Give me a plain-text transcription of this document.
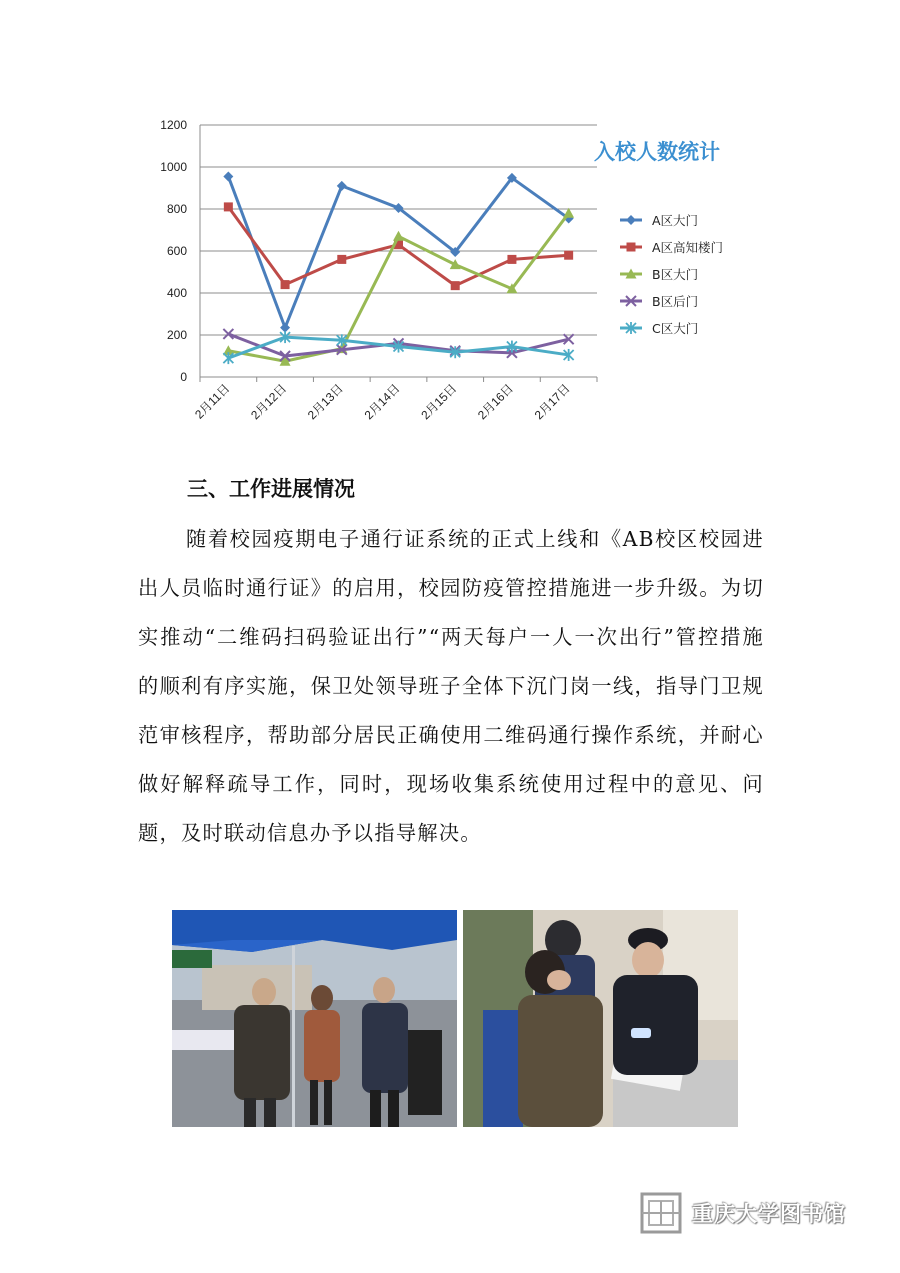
0
200
400
600
800
1000
1200
2月11日 2月12日 2月13日 2月14日 2月15日 2月16日 2月17日
A区大门
A区高知楼门
B区大门
B区后门
C区大门
入校人数统计
三、工作进展情况

随着校园疫期电子通行证系统的正式上线和《AB校区校园进出人员临时通行证》的启用，校园防疫管控措施进一步升级。为切实推动“二维码扫码验证出行”“两天每户一人一次出行”管控措施的顺利有序实施，保卫处领导班子全体下沉门岗一线，指导门卫规范审核程序，帮助部分居民正确使用二维码通行操作系统，并耐心做好解释疏导工作，同时，现场收集系统使用过程中的意见、问题，及时联动信息办予以指导解决。

重庆大学图书馆
